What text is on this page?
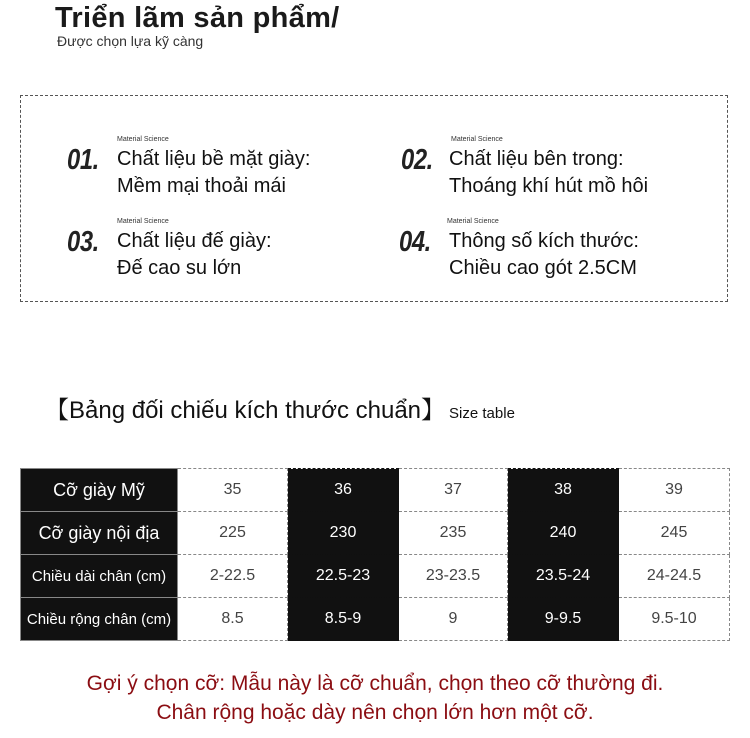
Triển lãm sản phẩm/
Được chọn lựa kỹ càng
01.
Material Science
Chất liệu bề mặt giày:
Mềm mại thoải mái
02.
Material Science
Chất liệu bên trong:
Thoáng khí hút mồ hôi
03.
Material Science
Chất liệu đế giày:
Đế cao su lớn
04.
Material Science
Thông số kích thước:
Chiều cao gót 2.5CM
【Bảng đối chiếu kích thước chuẩn】 Size table
Cỡ giày Mỹ	35	36	37	38	39
Cỡ giày nội địa	225	230	235	240	245
Chiều dài chân (cm)	2-22.5	22.5-23	23-23.5	23.5-24	24-24.5
Chiều rộng chân (cm)	8.5	8.5-9	9	9-9.5	9.5-10
Gợi ý chọn cỡ: Mẫu này là cỡ chuẩn, chọn theo cỡ thường đi.
Chân rộng hoặc dày nên chọn lớn hơn một cỡ.
